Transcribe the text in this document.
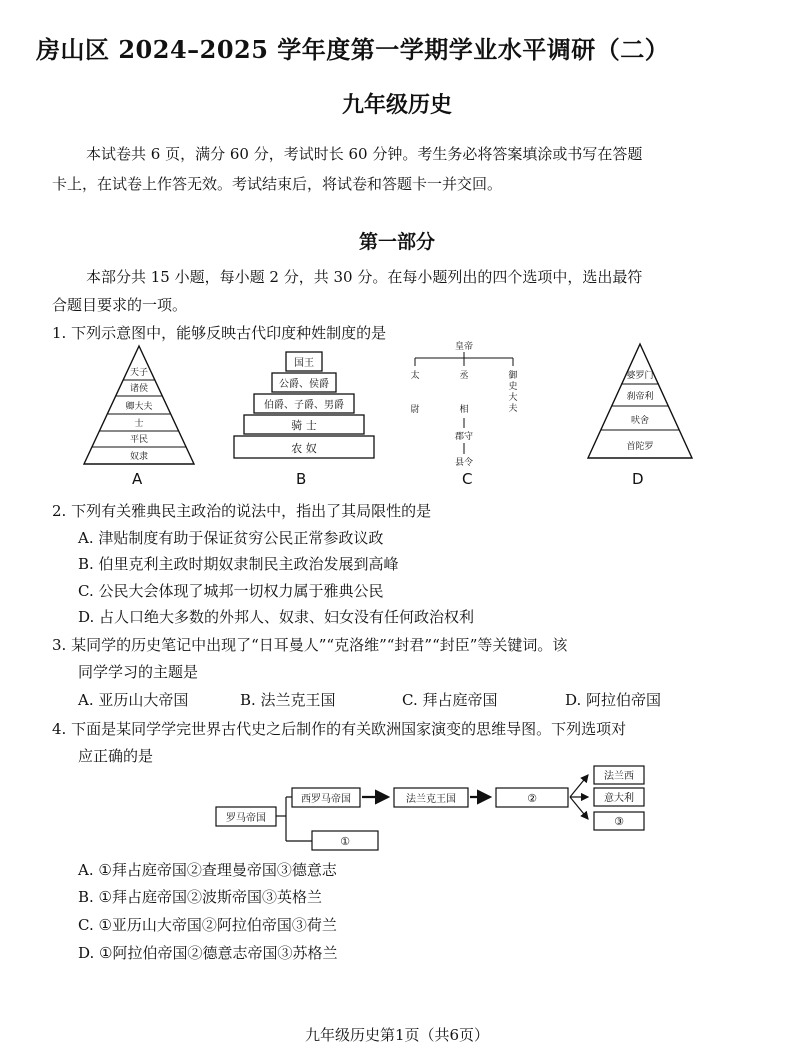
房山区 2024–2025 学年度第一学期学业水平调研（二）
九年级历史
本试卷共 6 页，满分 60 分，考试时长 60 分钟。考生务必将答案填涂或书写在答题
卡上，在试卷上作答无效。考试结束后，将试卷和答题卡一并交回。
第一部分
本部分共 15 小题，每小题 2 分，共 30 分。在每小题列出的四个选项中，选出最符
合题目要求的一项。
1. 下列示意图中，能够反映古代印度种姓制度的是
天子
诸侯
卿大夫
士
平民
奴隶
A
国王
公爵、侯爵
伯爵、子爵、男爵
骑 士
农 奴
B
皇帝
太
尉
丞
相
御
史
大
夫
郡守
县令
C
婆罗门
刹帝利
吠舍
首陀罗
D
2. 下列有关雅典民主政治的说法中，指出了其局限性的是
A. 津贴制度有助于保证贫穷公民正常参政议政
B. 伯里克利主政时期奴隶制民主政治发展到高峰
C. 公民大会体现了城邦一切权力属于雅典公民
D. 占人口绝大多数的外邦人、奴隶、妇女没有任何政治权利
3. 某同学的历史笔记中出现了“日耳曼人”“克洛维”“封君”“封臣”等关键词。该
同学学习的主题是
A. 亚历山大帝国	B. 法兰克王国	C. 拜占庭帝国	D. 阿拉伯帝国
4. 下面是某同学学完世界古代史之后制作的有关欧洲国家演变的思维导图。下列选项对
应正确的是
罗马帝国
西罗马帝国
①
法兰克王国	②
法兰西
意大利
③
A. ①拜占庭帝国②查理曼帝国③德意志
B. ①拜占庭帝国②波斯帝国③英格兰
C. ①亚历山大帝国②阿拉伯帝国③荷兰
D. ①阿拉伯帝国②德意志帝国③苏格兰
九年级历史第1页（共6页）
